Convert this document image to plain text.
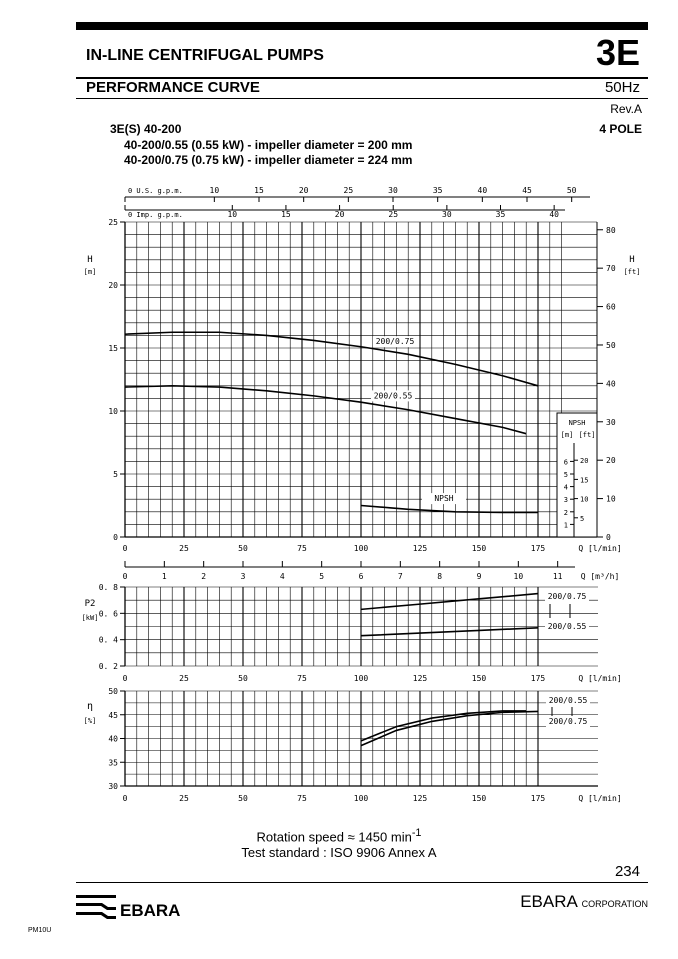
IN-LINE CENTRIFUGAL PUMPS	3E
PERFORMANCE CURVE	50Hz
Rev.A
3E(S) 40-200	4 POLE
40-200/0.55 (0.55 kW) - impeller diameter = 200 mm
40-200/0.75 (0.75 kW) - impeller diameter = 224 mm
0
5
10
15
20
25
H
[m]
0
10
20
30
40
50
60
70
80
H
[ft]
0	25	50	75	100	125	150	175	Q [l/min]
0 U.S. g.p.m.	10	15	20	25	30	35	40	45	50
0 Imp. g.p.m.	10	15	20	25	30	35	40
NPSH
[m] [ft]
1
2
3
4
5
6
5
10
15
20
200/0.75
200/0.55
NPSH
0. 2
0. 4
0. 6
0. 8
P2
[kW]
0	1	2	3	4	5	6	7	8	9	10	11 Q [m³/h]
0	25	50	75	100	125	150	175	Q [l/min]
200/0.75
200/0.55
30
35
40
45
50
η
[%]
0	25	50	75	100	125	150	175	Q [l/min]
200/0.55
200/0.75
Rotation speed ≈ 1450 $\min^{-1}$
Test standard : ISO 9906 Annex A
234
EBARA	EBARA CORPORATION
PM10U
